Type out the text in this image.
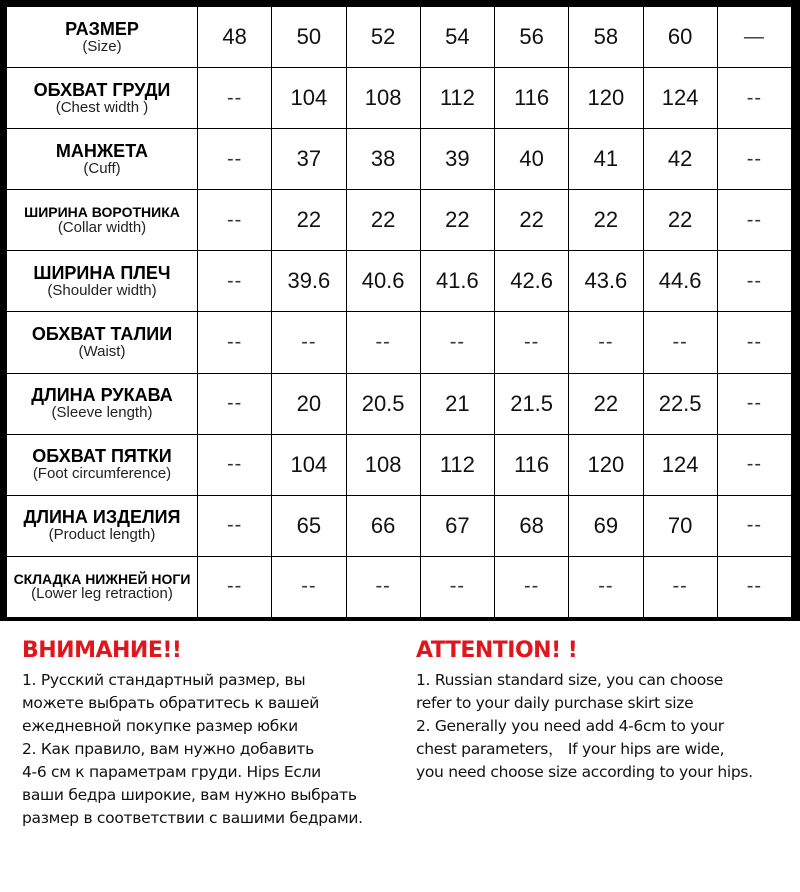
РАЗМЕР
(Size)	48	50	52	54	56	58	60	—

ОБХВАТ ГРУДИ
(Chest width )	--	104	108	112	116	120	124	--

МАНЖЕТА
(Cuff)	--	37	38	39	40	41	42	--

ШИРИНА ВОРОТНИКА
(Collar width)	--	22	22	22	22	22	22	--

ШИРИНА ПЛЕЧ
(Shoulder width)	--	39.6	40.6	41.6	42.6	43.6	44.6	--

ОБХВАТ ТАЛИИ
(Waist)	--	--	--	--	--	--	--	--

ДЛИНА РУКАВА
(Sleeve length)	--	20	20.5	21	21.5	22	22.5	--

ОБХВАТ ПЯТКИ
(Foot circumference)	--	104	108	112	116	120	124	--

ДЛИНА ИЗДЕЛИЯ
(Product length)	--	65	66	67	68	69	70	--

СКЛАДКА НИЖНЕЙ НОГИ
(Lower leg retraction)	--	--	--	--	--	--	--	--
ВНИМАНИЕ!!
1. Русский стандартный размер, вы
можете выбрать обратитесь к вашей
ежедневной покупке размер юбки
2. Как правило, вам нужно добавить
4-6 см к параметрам груди. Hips Если
ваши бедра широкие, вам нужно выбрать
размер в соответствии с вашими бедрами.
ATTENTION! !
1. Russian standard size, you can choose
refer to your daily purchase skirt size
2. Generally you need add 4-6cm to your
chest parameters， If your hips are wide,
you need choose size according to your hips.
